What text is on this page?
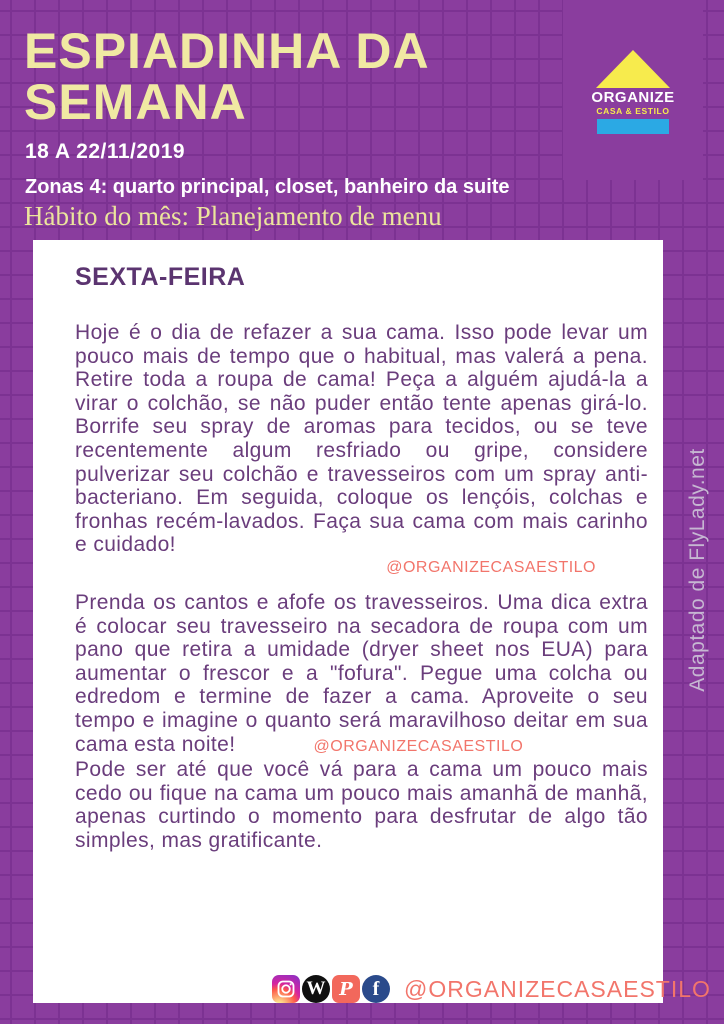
ORGANIZE
CASA & ESTILO
ESPIADINHA DA
SEMANA
18 A 22/11/2019
Zonas 4: quarto principal, closet, banheiro da suite
Hábito do mês: Planejamento de menu
SEXTA-FEIRA

Hoje é o dia de refazer a sua cama. Isso pode levar um pouco mais de tempo que o habitual, mas valerá a pena. Retire toda a roupa de cama! Peça a alguém ajudá-la a virar o colchão, se não puder então tente apenas girá-lo. Borrife seu spray de aromas para tecidos, ou se teve recentemente algum resfriado ou gripe, considere pulverizar seu colchão e travesseiros com um spray anti-bacteriano. Em seguida, coloque os lençóis, colchas e fronhas recém-lavados. Faça sua cama com mais carinho e cuidado!

@ORGANIZECASAESTILO

Prenda os cantos e afofe os travesseiros. Uma dica extra é colocar seu travesseiro na secadora de roupa com um pano que retira a umidade (dryer sheet nos EUA) para aumentar o frescor e a "fofura". Pegue uma colcha ou edredom e termine de fazer a cama. Aproveite o seu tempo e imagine o quanto será maravilhoso deitar em sua cama esta noite!	@ORGANIZECASAESTILO

Pode ser até que você vá para a cama um pouco mais cedo ou fique na cama um pouco mais amanhã de manhã, apenas curtindo o momento para desfrutar de algo tão simples, mas gratificante.

W P f	@ORGANIZECASAESTILO
Adaptado de FlyLady.net
